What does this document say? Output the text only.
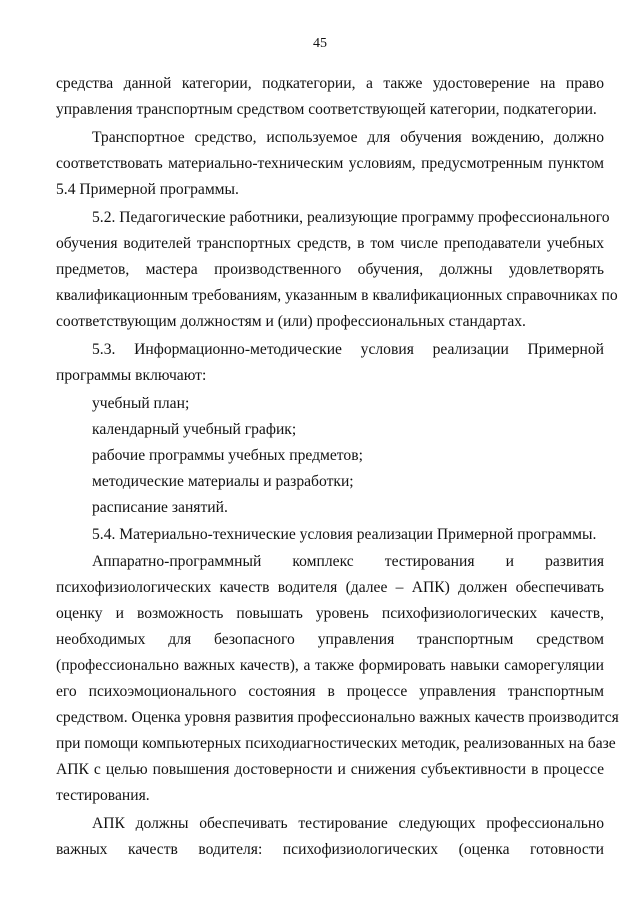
45
средства данной категории, подкатегории, а также удостоверение на право
управления транспортным средством соответствующей категории, подкатегории.
Транспортное средство, используемое для обучения вождению, должно
соответствовать материально-техническим условиям, предусмотренным пунктом
5.4 Примерной программы.
5.2. Педагогические работники, реализующие программу профессионального
обучения водителей транспортных средств, в том числе преподаватели учебных
предметов, мастера производственного обучения, должны удовлетворять
квалификационным требованиям, указанным в квалификационных справочниках по
соответствующим должностям и (или) профессиональных стандартах.
5.3. Информационно-методические условия реализации Примерной
программы включают:
учебный план;
календарный учебный график;
рабочие программы учебных предметов;
методические материалы и разработки;
расписание занятий.
5.4. Материально-технические условия реализации Примерной программы.
Аппаратно-программный комплекс тестирования и развития
психофизиологических качеств водителя (далее – АПК) должен обеспечивать
оценку и возможность повышать уровень психофизиологических качеств,
необходимых для безопасного управления транспортным средством
(профессионально важных качеств), а также формировать навыки саморегуляции
его психоэмоционального состояния в процессе управления транспортным
средством. Оценка уровня развития профессионально важных качеств производится
при помощи компьютерных психодиагностических методик, реализованных на базе
АПК с целью повышения достоверности и снижения субъективности в процессе
тестирования.
АПК должны обеспечивать тестирование следующих профессионально
важных качеств водителя: психофизиологических (оценка готовности
